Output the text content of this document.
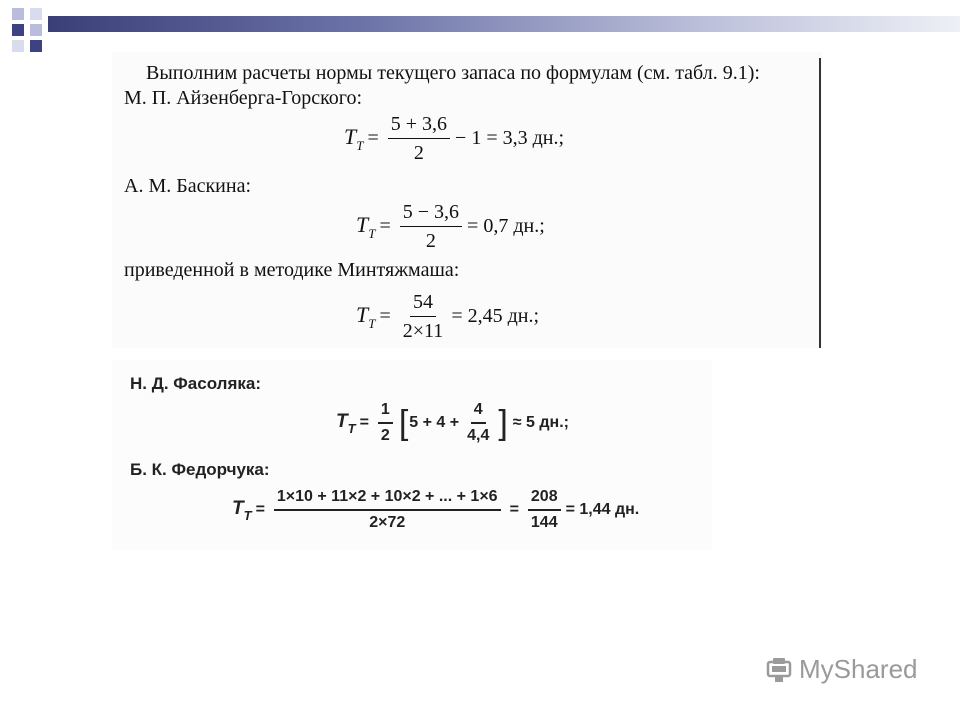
Выполним расчеты нормы текущего запаса по формулам (см. табл. 9.1):
М. П. Айзенберга-Горского:
$T_T = \frac{5 + 3,6}{2} - 1 = 3,3$ дн.;
А. М. Баскина:
$T_T = \frac{5 - 3,6}{2} = 0,7$ дн.;
приведенной в методике Минтяжмаша:
$T_T = \frac{54}{2\times 11} = 2,45$ дн.;
Н. Д. Фасоляка:
$T_T = \frac{1}{2}$ [ $5 + 4 + \frac{4}{4,4}$ ] ≈ 5 дн.;
Б. К. Федорчука:
$T_T = \frac{1\times 10 + 11\times 2 + 10\times 2 + ... + 1\times 6}{2\times 72} = \frac{208}{144} = 1,44$ дн.
MyShared
